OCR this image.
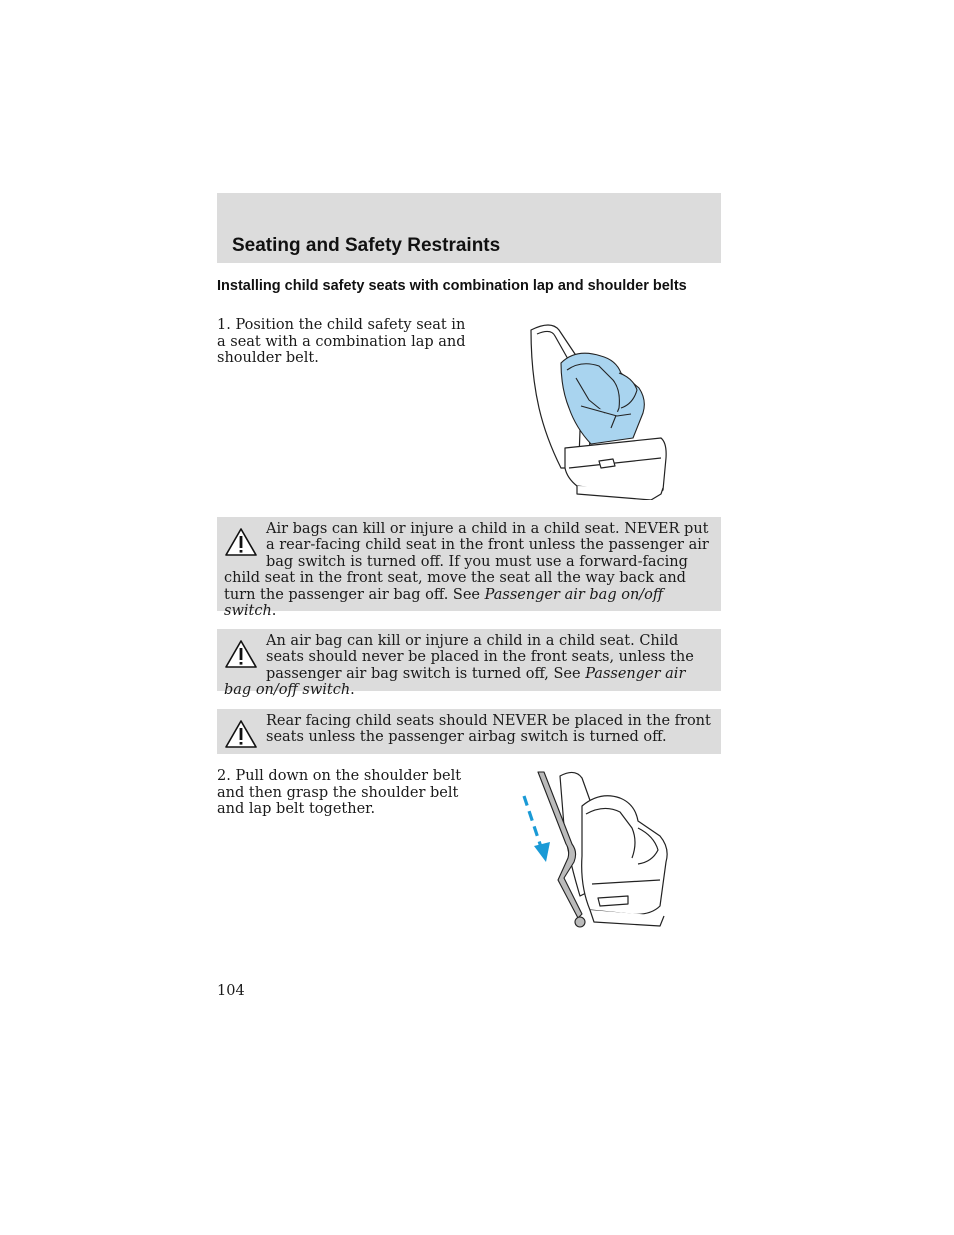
Seating and Safety Restraints

Installing child safety seats with combination lap and shoulder belts

1. Position the child safety seat in a seat with a combination lap and shoulder belt.

Air bags can kill or injure a child in a child seat. NEVER put a rear-facing child seat in the front unless the passenger air bag switch is turned off. If you must use a forward-facing child seat in the front seat, move the seat all the way back and turn the passenger air bag off. See Passenger air bag on/off switch.
An air bag can kill or injure a child in a child seat. Child seats should never be placed in the front seats, unless the passenger air bag switch is turned off, See Passenger air bag on/off switch.
Rear facing child seats should NEVER be placed in the front seats unless the passenger airbag switch is turned off.

2. Pull down on the shoulder belt and then grasp the shoulder belt and lap belt together.

104
